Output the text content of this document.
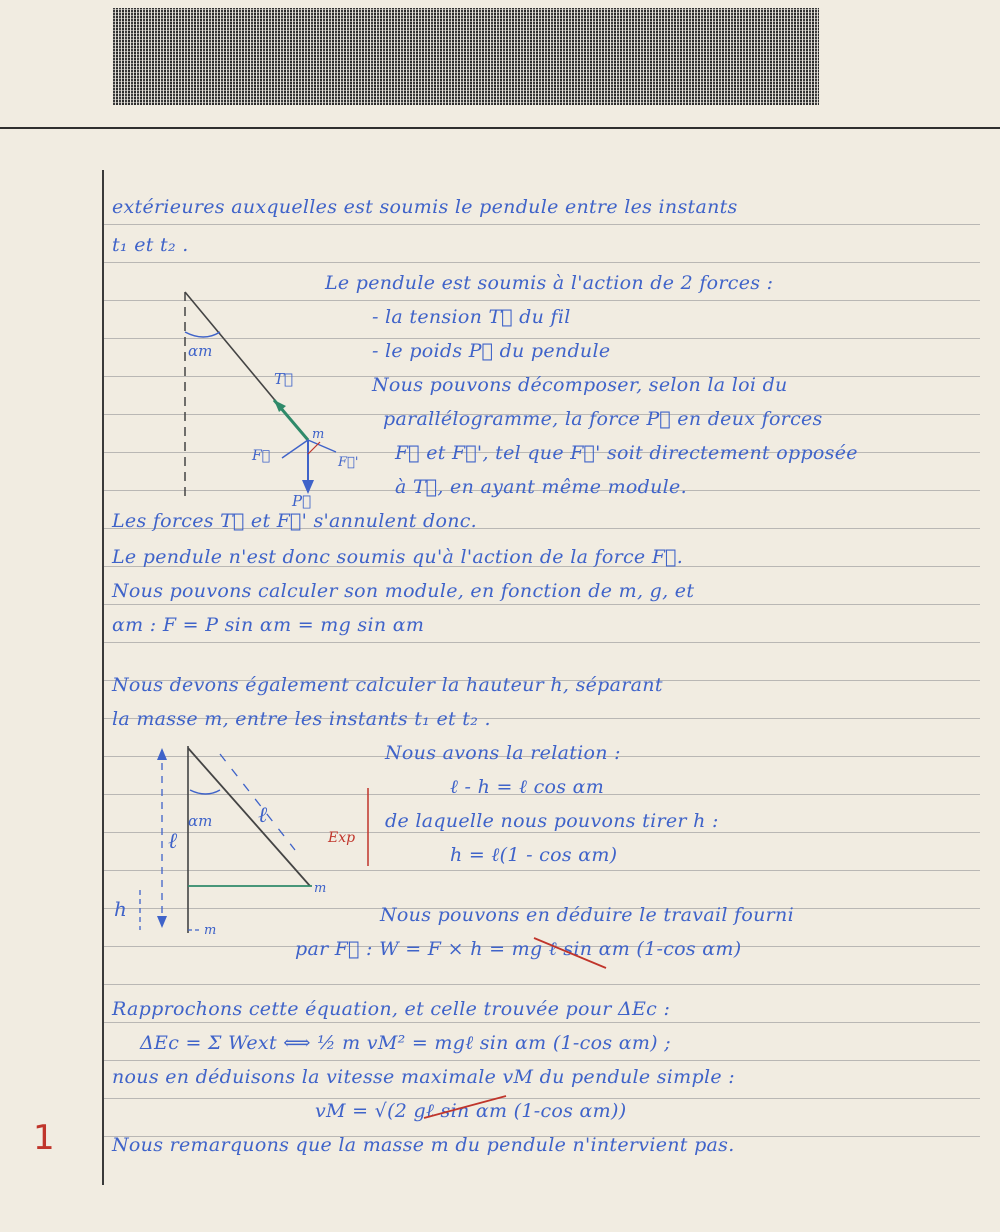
extérieures auxquelles est soumis le pendule entre les instants
t₁ et t₂ .
Le pendule est soumis à l'action de 2 forces :
- la tension T⃗ du fil
- le poids P⃗ du pendule
Nous pouvons décomposer, selon la loi du
parallélogramme, la force P⃗ en deux forces
F⃗ et F⃗', tel que F⃗' soit directement opposée
à T⃗, en ayant même module.
Les forces T⃗ et F⃗' s'annulent donc.
Le pendule n'est donc soumis qu'à l'action de la force F⃗.
Nous pouvons calculer son module, en fonction de m, g, et
αm : F = P sin αm = mg sin αm
Nous devons également calculer la hauteur h, séparant
la masse m, entre les instants t₁ et t₂ .
Nous avons la relation :
ℓ - h = ℓ cos αm
de laquelle nous pouvons tirer h :
h = ℓ(1 - cos αm)
Nous pouvons en déduire le travail fourni
par F⃗ : W = F × h = mg ℓ sin αm (1-cos αm)
Rapprochons cette équation, et celle trouvée pour ΔEc :
ΔEc = Σ Wext ⟺ ½ m vM² = mgℓ sin αm (1-cos αm) ;
nous en déduisons la vitesse maximale vM du pendule simple :
vM = √(2 gℓ sin αm (1-cos αm))
Nous remarquons que la masse m du pendule n'intervient pas.
1
αm
T⃗
m
P⃗
F⃗	F⃗'
αm ℓ
ℓ
h
m
m
Exp
